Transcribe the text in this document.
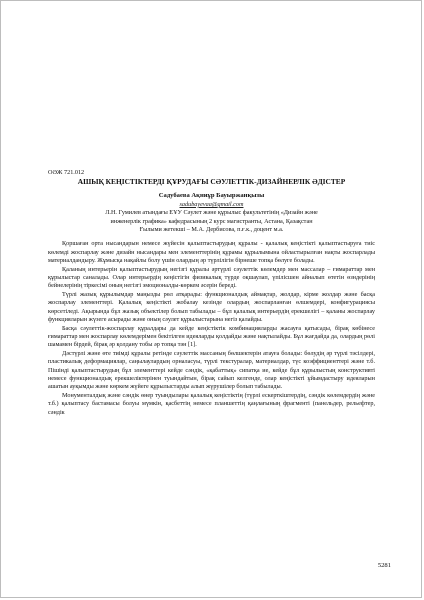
ОӘЖ 721.012

АШЫҚ КЕҢІСТІКТЕРДІ ҚҰРУДАҒЫ СӘУЛЕТТІК-ДИЗАЙНЕРЛІК ӘДІСТЕР

Садубаева Ақниұр Бауыржанқызы

sadubayevaa@gmail.com

Л.Н. Гумилев атындағы ЕҰУ Сәулет және құрылыс факультетінің «Дизайн және
инженерлік графика» кафедрасының 2 курс магистранты, Астана, Қазақстан
Ғылыми жетекші – М.А. Дербисова, п.ғ.к., доцент м.а.

Қоршаған орта нысандарын немесе жүйесін қалыптастырудың құралы - қалалық кеңістікті қалыптастыруға тиіс көлемді жоспарлау және дизайн нысандары мен элементтерінің құрамы құрылымына ойластырылған нақты жоспарлады материалдандыру. Жұмысқа нақайлы болу үшін олардың әр түрлілігін бірнеше топқа бөлуге болады.

Қаланың интерьерін қалыптастырудың негізгі құралы әртүрлі сәулеттік көлемдер мен массалар – ғимараттар мен құрылыстар саналады. Олар интерьердің кеңістігін физикалық түрде оқшаулап, үпілісшен айналып өтетін өзндерінің бейнелерінің тіркесімі оның негізгі эмоционалды-көркем әсерін береді.

Түрлі жазық құрылымдар маңызды рөл атқарады: функционалдық аймақтар, жолдар, кірме жолдар және басқа жоспарлау элементтері. Қалалық кеңістікті жобалау кезінде олардың жоспарланған өлшемдері, конфигурациясы көрсетіледі. Ақырында бұл жазық объектілер болып табылады – бұл қалалық интерьердің ерекшелігі – қаланы жоспарлау функцияларын жүзеге асырады және оның сәулет құрылыстарына негіз қалайды.

Басқа сәулеттік-жоспарлау құралдары да кейде кеңістіктік комбинацияларды жасауға қатысады, бірақ көбінесе ғимараттар мен жоспарлау көлемдерімен бекітілген идеяларды қолдайды және нақтылайды. Бұл жағдайда да, олардың рөлі шамамен бірдей, бірақ әр қолдану тобы әр топқа тән [1].

Дәстүрлі және өте тиімді құралы ретінде сәулеттік массаның бөлшектерін атауға болады: бөлудің әр түрлі тәсілдері, пластикалық деформациялар, саңылаулардың орналасуы, түрлі текстуралар, материалдар, түс коэффициенттері және т.б. Пішінді қалыптастырудың бұл элементтері кейде сәндік, «қабаттық» сипатқа ие, кейде бұл құрылыстың конструктивті немесе функционалдық ерекшеліктерінен туындайтын, бірақ сайып келгенде, олар кеңістікті ұйымдастыру идеяларын ашатын ауқымды және көркем жүйеге құрылыстарды алып жүрушілер болып табылады.

Монументалдық және сәндік өнер туындылары қалалық кеңістіктің (түрлі ескерткіштердің, сәндік көлемдердің және т.б.) қалыптасу бастамасы болуы мүмкін, қасбеттің немесе планшеттің қаңлағының фрагменті (панельдер, рельефтер, сәндік

5281
